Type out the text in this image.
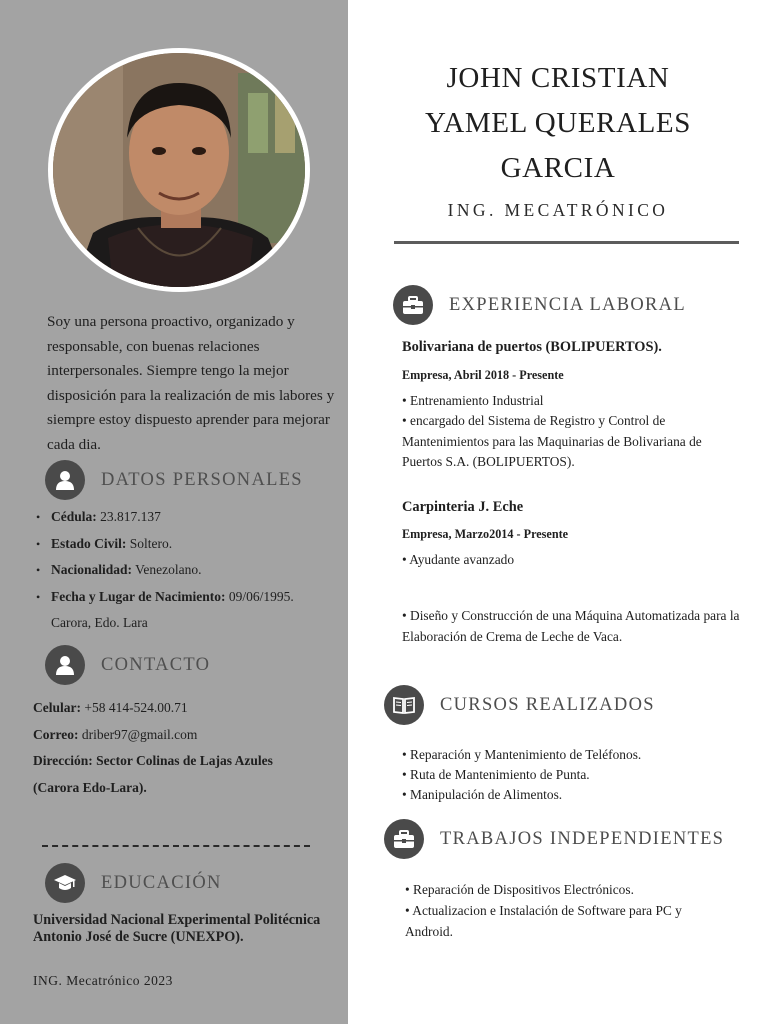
Soy una persona proactivo, organizado y responsable, con buenas relaciones interpersonales. Siempre tengo la mejor disposición para la realización de mis labores y siempre estoy dispuesto aprender para mejorar cada dia.
DATOS PERSONALES
• Cédula: 23.817.137
• Estado Civil: Soltero.
• Nacionalidad: Venezolano.
• Fecha y Lugar de Nacimiento: 09/06/1995.
Carora, Edo. Lara
CONTACTO
Celular: +58 414-524.00.71
Correo: driber97@gmail.com
Dirección: Sector Colinas de Lajas Azules
(Carora Edo-Lara).
EDUCACIÓN
Universidad Nacional Experimental Politécnica Antonio José de Sucre (UNEXPO).
ING. Mecatrónico 2023
JOHN CRISTIAN
YAMEL QUERALES
GARCIA
ING. MECATRÓNICO
EXPERIENCIA LABORAL
Bolivariana de puertos (BOLIPUERTOS).
Empresa, Abril 2018 - Presente
• Entrenamiento Industrial
• encargado del Sistema de Registro y Control de Mantenimientos para las Maquinarias de Bolivariana de Puertos S.A. (BOLIPUERTOS).
Carpinteria J. Eche
Empresa, Marzo2014 - Presente
• Ayudante avanzado
• Diseño y Construcción de una Máquina Automatizada para la Elaboración de Crema de Leche de Vaca.
CURSOS REALIZADOS
• Reparación y Mantenimiento de Teléfonos.
• Ruta de Mantenimiento de Punta.
• Manipulación de Alimentos.
TRABAJOS INDEPENDIENTES
• Reparación de Dispositivos Electrónicos.
• Actualizacion e Instalación de Software para PC y Android.
